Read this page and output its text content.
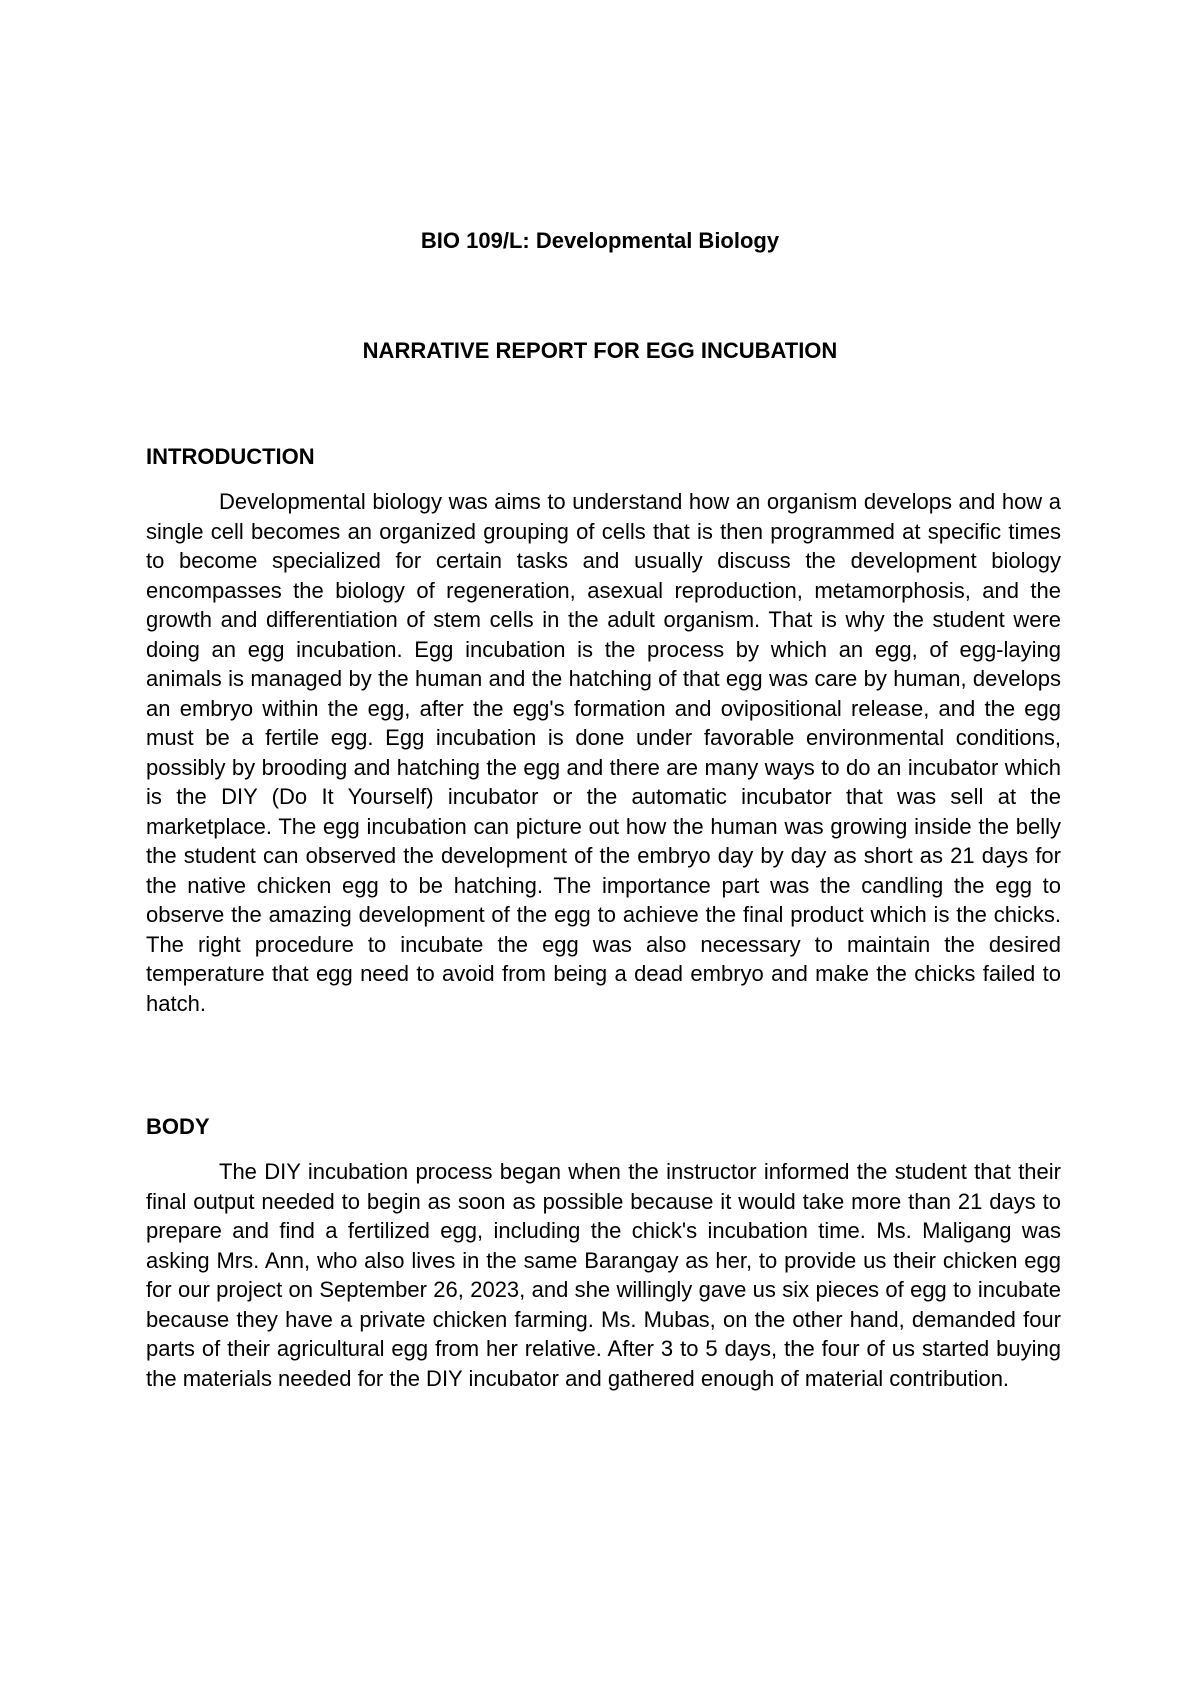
BIO 109/L: Developmental Biology
NARRATIVE REPORT FOR EGG INCUBATION
INTRODUCTION

Developmental biology was aims to understand how an organism develops and how a single cell becomes an organized grouping of cells that is then programmed at specific times to become specialized for certain tasks and usually discuss the development biology encompasses the biology of regeneration, asexual reproduction, metamorphosis, and the growth and differentiation of stem cells in the adult organism. That is why the student were doing an egg incubation. Egg incubation is the process by which an egg, of egg-laying animals is managed by the human and the hatching of that egg was care by human, develops an embryo within the egg, after the egg's formation and ovipositional release, and the egg must be a fertile egg. Egg incubation is done under favorable environmental conditions, possibly by brooding and hatching the egg and there are many ways to do an incubator which is the DIY (Do It Yourself) incubator or the automatic incubator that was sell at the marketplace. The egg incubation can picture out how the human was growing inside the belly the student can observed the development of the embryo day by day as short as 21 days for the native chicken egg to be hatching. The importance part was the candling the egg to observe the amazing development of the egg to achieve the final product which is the chicks. The right procedure to incubate the egg was also necessary to maintain the desired temperature that egg need to avoid from being a dead embryo and make the chicks failed to hatch.

BODY

The DIY incubation process began when the instructor informed the student that their final output needed to begin as soon as possible because it would take more than 21 days to prepare and find a fertilized egg, including the chick's incubation time. Ms. Maligang was asking Mrs. Ann, who also lives in the same Barangay as her, to provide us their chicken egg for our project on September 26, 2023, and she willingly gave us six pieces of egg to incubate because they have a private chicken farming. Ms. Mubas, on the other hand, demanded four parts of their agricultural egg from her relative. After 3 to 5 days, the four of us started buying the materials needed for the DIY incubator and gathered enough of material contribution.
